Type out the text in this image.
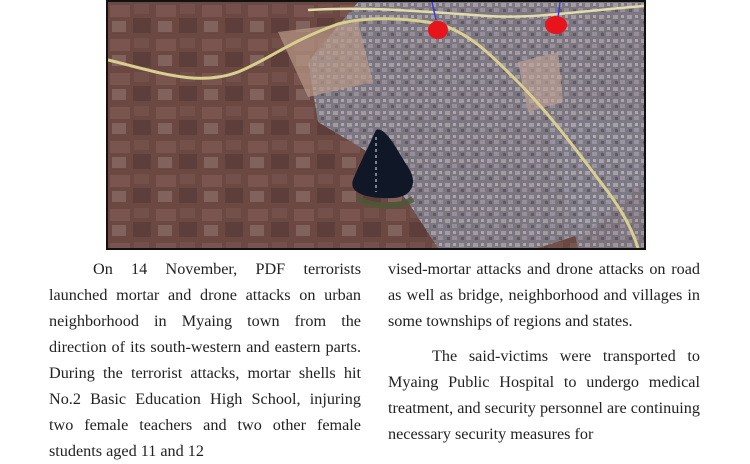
On 14 November, PDF terrorists launched mortar and drone attacks on urban neighborhood in Myaing town from the direction of its south-western and eastern parts. During the terrorist attacks, mortar shells hit No.2 Basic Education High School, injuring two female teachers and two other female students aged 11 and 12

vised-mortar attacks and drone attacks on road as well as bridge, neighborhood and villages in some townships of regions and states.

The said-victims were transported to Myaing Public Hospital to undergo medical treatment, and security personnel are continuing necessary security measures for
